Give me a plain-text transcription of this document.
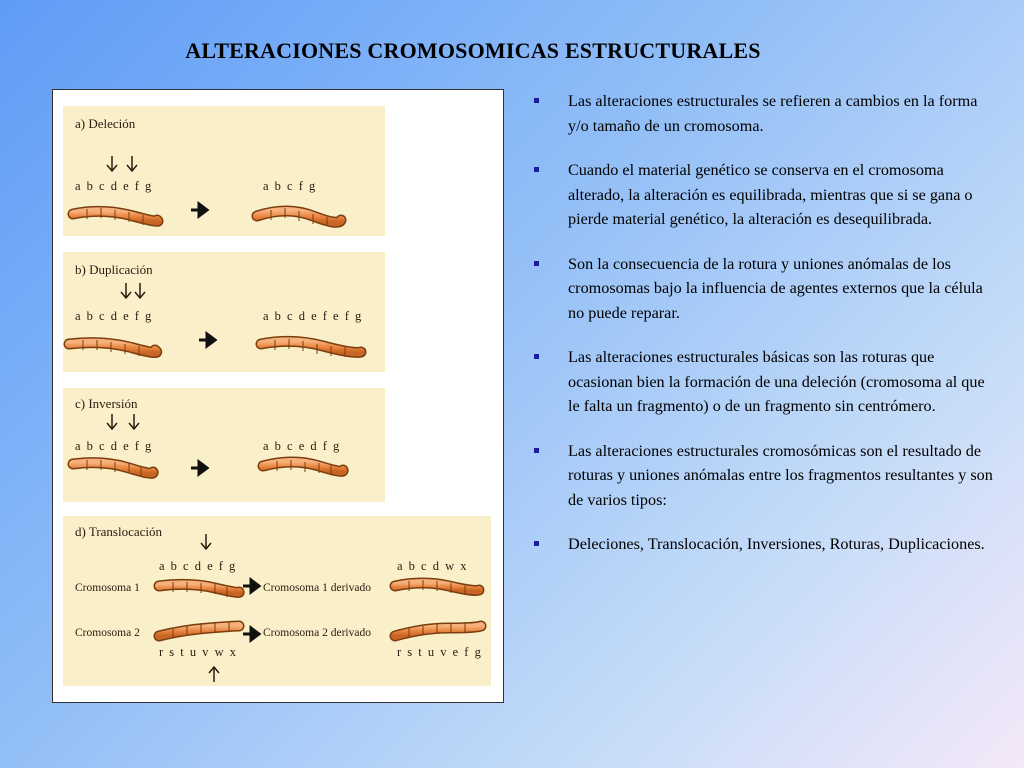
ALTERACIONES CROMOSOMICAS ESTRUCTURALES
a) Deleción
a b c d e f g	a b c f g
b) Duplicación
a b c d e f g	a b c d e f e f g
c) Inversión
a b c d e f g	a b c e d f g
d) Translocación
a b c d e f g	a b c d w x
Cromosoma 1	Cromosoma 1 derivado
Cromosoma 2	Cromosoma 2 derivado
r s t u v w x	r s t u v e f g
Las alteraciones estructurales se refieren a cambios en la forma y/o tamaño de un cromosoma.
Cuando el material genético se conserva en el cromosoma alterado, la alteración es equilibrada, mientras que si se gana o pierde material genético, la alteración es desequilibrada.
Son la consecuencia de la rotura y uniones anómalas de los cromosomas bajo la influencia de agentes externos que la célula no puede reparar.
Las alteraciones estructurales básicas son las roturas que ocasionan bien la formación de una deleción (cromosoma al que le falta un fragmento) o de un fragmento sin centrómero.
Las alteraciones estructurales cromosómicas son el resultado de roturas y uniones anómalas entre los fragmentos resultantes y son de varios tipos:
Deleciones, Translocación, Inversiones, Roturas, Duplicaciones.
